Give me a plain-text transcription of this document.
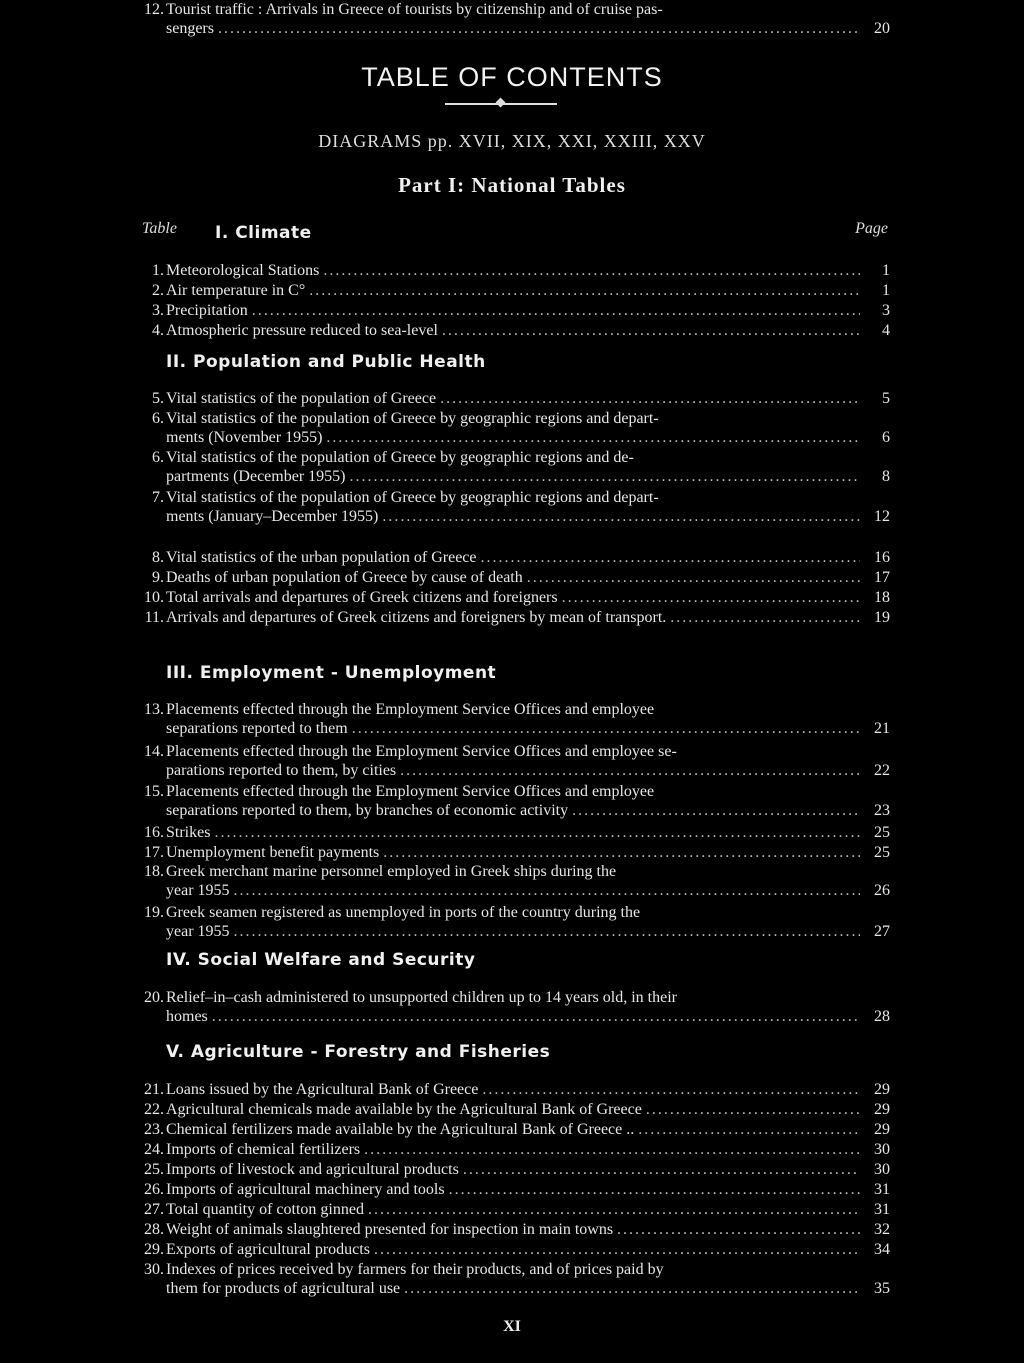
TABLE OF CONTENTS
DIAGRAMS pp. XVII, XIX, XXI, XXIII, XXV
Part I: National Tables
Table	Page
I. Climate
1. Meteorological Stations . . .	1
2. Air temperature in C° . . .	1
3. Precipitation . . .	3
4. Atmospheric pressure reduced to sea-level . . .	4
II. Population and Public Health
5. Vital statistics of the population of Greece . . .	5
6. Vital statistics of the population of Greece by geographic regions and depart-
ments (November 1955) . . .	6
6. Vital statistics of the population of Greece by geographic regions and de-
partments (December 1955) . . .	8
7. Vital statistics of the population of Greece by geographic regions and depart-
ments (January–December 1955) . . .	12
8. Vital statistics of the urban population of Greece . . .	16
9. Deaths of urban population of Greece by cause of death . . .	17
10. Total arrivals and departures of Greek citizens and foreigners . . .	18
11. Arrivals and departures of Greek citizens and foreigners by mean of transport. . . .	19
12. Tourist traffic : Arrivals in Greece of tourists by citizenship and of cruise pas-
sengers . . .	20
III. Employment - Unemployment
13. Placements effected through the Employment Service Offices and employee
separations reported to them . . .	21
14. Placements effected through the Employment Service Offices and employee se-
parations reported to them, by cities . . .	22
15. Placements effected through the Employment Service Offices and employee
separations reported to them, by branches of economic activity . . .	23
16. Strikes . . .	25
17. Unemployment benefit payments . . .	25
18. Greek merchant marine personnel employed in Greek ships during the
year 1955 . . .	26
19. Greek seamen registered as unemployed in ports of the country during the
year 1955 . . .	27
IV. Social Welfare and Security
20. Relief–in–cash administered to unsupported children up to 14 years old, in their
homes . . .	28
V. Agriculture - Forestry and Fisheries
21. Loans issued by the Agricultural Bank of Greece . . .	29
22. Agricultural chemicals made available by the Agricultural Bank of Greece . . .	29
23. Chemical fertilizers made available by the Agricultural Bank of Greece .. . . .	29
24. Imports of chemical fertilizers . . .	30
25. Imports of livestock and agricultural products . . .	30
26. Imports of agricultural machinery and tools . . .	31
27. Total quantity of cotton ginned . . .	31
28. Weight of animals slaughtered presented for inspection in main towns . . .	32
29. Exports of agricultural products . . .	34
30. Indexes of prices received by farmers for their products, and of prices paid by
them for products of agricultural use . . .	35
XI
